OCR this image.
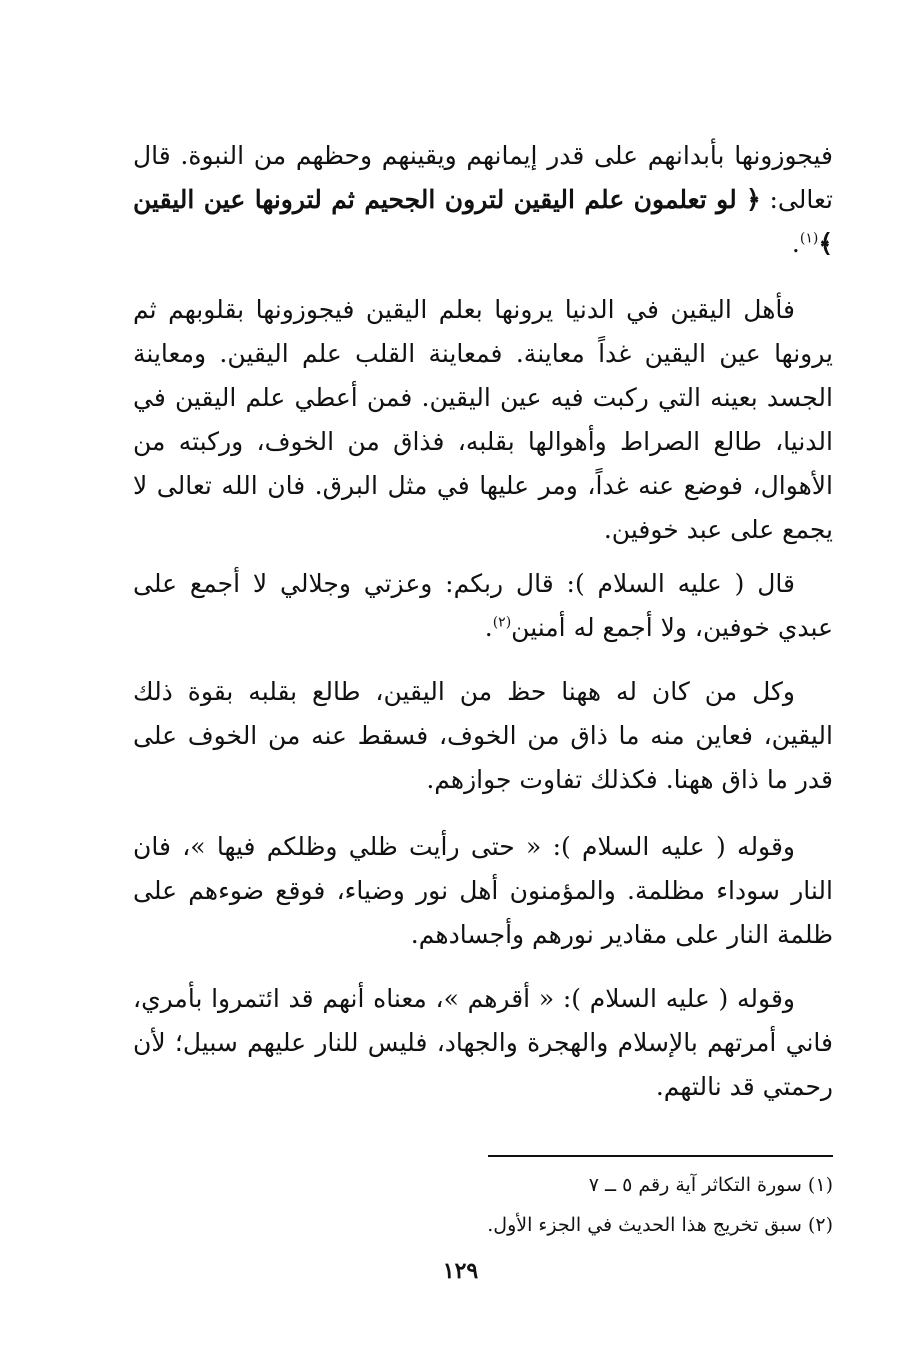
فيجوزونها بأبدانهم على قدر إيمانهم ويقينهم وحظهم من النبوة. قال تعالى: ﴿ لو تعلمون علم اليقين لترون الجحيم ثم لترونها عين اليقين ﴾$^{(١)}$.

فأهل اليقين في الدنيا يرونها بعلم اليقين فيجوزونها بقلوبهم ثم يرونها عين اليقين غداً معاينة. فمعاينة القلب علم اليقين. ومعاينة الجسد بعينه التي ركبت فيه عين اليقين. فمن أعطي علم اليقين في الدنيا، طالع الصراط وأهوالها بقلبه، فذاق من الخوف، وركبته من الأهوال، فوضع عنه غداً، ومر عليها في مثل البرق. فان الله تعالى لا يجمع على عبد خوفين.

قال ( عليه السلام ): قال ربكم: وعزتي وجلالي لا أجمع على عبدي خوفين، ولا أجمع له أمنين$^{(٢)}$.

وكل من كان له ههنا حظ من اليقين، طالع بقلبه بقوة ذلك اليقين، فعاين منه ما ذاق من الخوف، فسقط عنه من الخوف على قدر ما ذاق ههنا. فكذلك تفاوت جوازهم.

وقوله ( عليه السلام ): « حتى رأيت ظلي وظلكم فيها »، فان النار سوداء مظلمة. والمؤمنون أهل نور وضياء، فوقع ضوءهم على ظلمة النار على مقادير نورهم وأجسادهم.

وقوله ( عليه السلام ): « أقرهم »، معناه أنهم قد ائتمروا بأمري، فاني أمرتهم بالإسلام والهجرة والجهاد، فليس للنار عليهم سبيل؛ لأن رحمتي قد نالتهم.

(١) سورة التكاثر آية رقم ٥ ــ ٧

(٢) سبق تخريج هذا الحديث في الجزء الأول.

١٢٩
